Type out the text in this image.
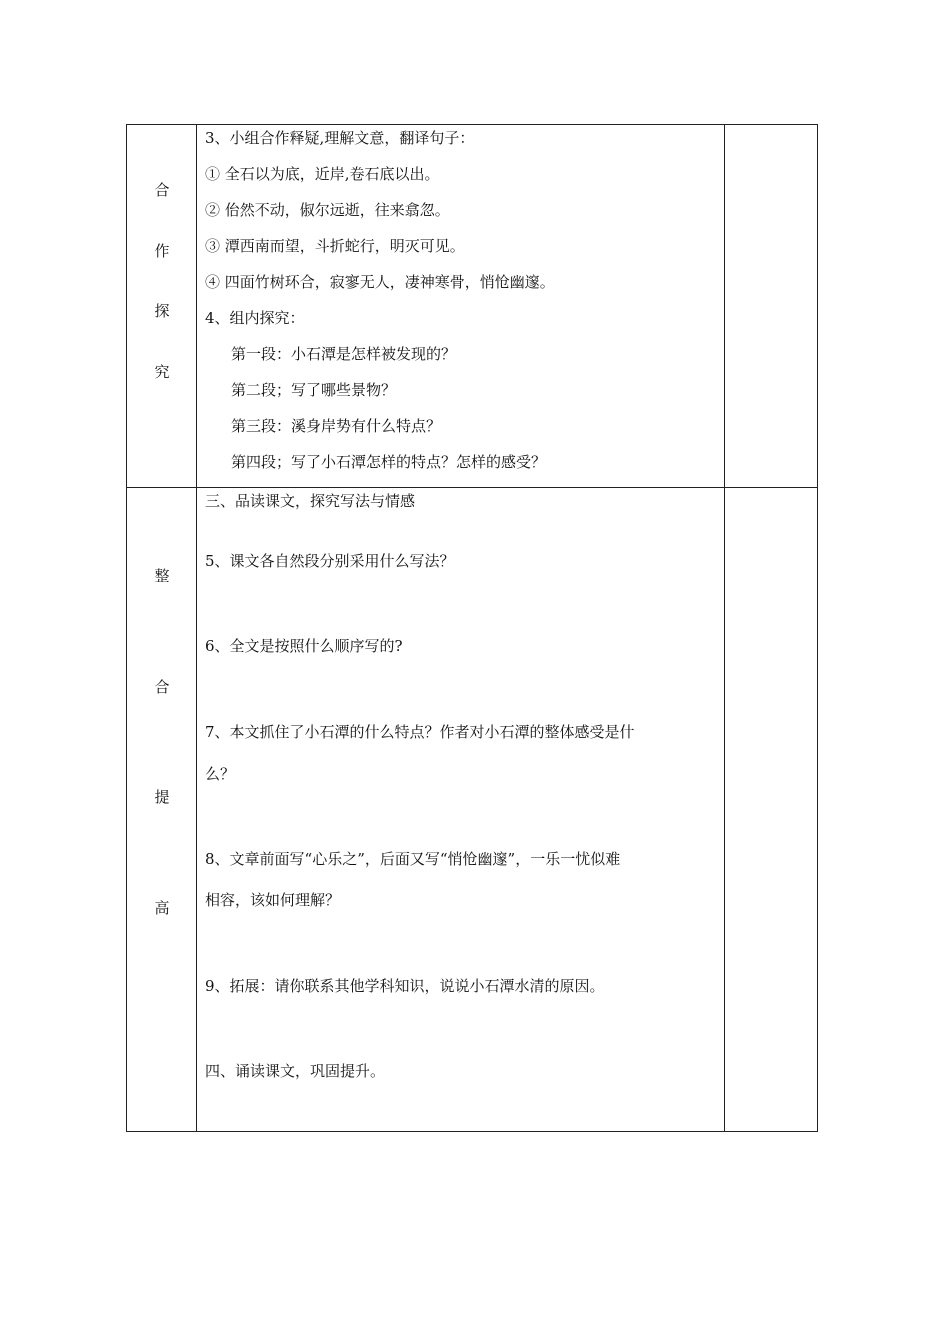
合
作
探
究
3、小组合作释疑,理解文意，翻译句子：
① 全石以为底，近岸,卷石底以出。
② 佁然不动，俶尔远逝，往来翕忽。
③ 潭西南而望，斗折蛇行，明灭可见。
④ 四面竹树环合，寂寥无人，凄神寒骨，悄怆幽邃。
4、组内探究：
第一段：小石潭是怎样被发现的？
第二段；写了哪些景物？
第三段：溪身岸势有什么特点？
第四段；写了小石潭怎样的特点？怎样的感受？
整
合
提
高
三、品读课文，探究写法与情感
5、课文各自然段分别采用什么写法？
6、全文是按照什么顺序写的?
7、本文抓住了小石潭的什么特点？作者对小石潭的整体感受是什
么？
8、文章前面写“心乐之”，后面又写“悄怆幽邃”，一乐一忧似难
相容，该如何理解？
9、拓展：请你联系其他学科知识，说说小石潭水清的原因。
四、诵读课文，巩固提升。
